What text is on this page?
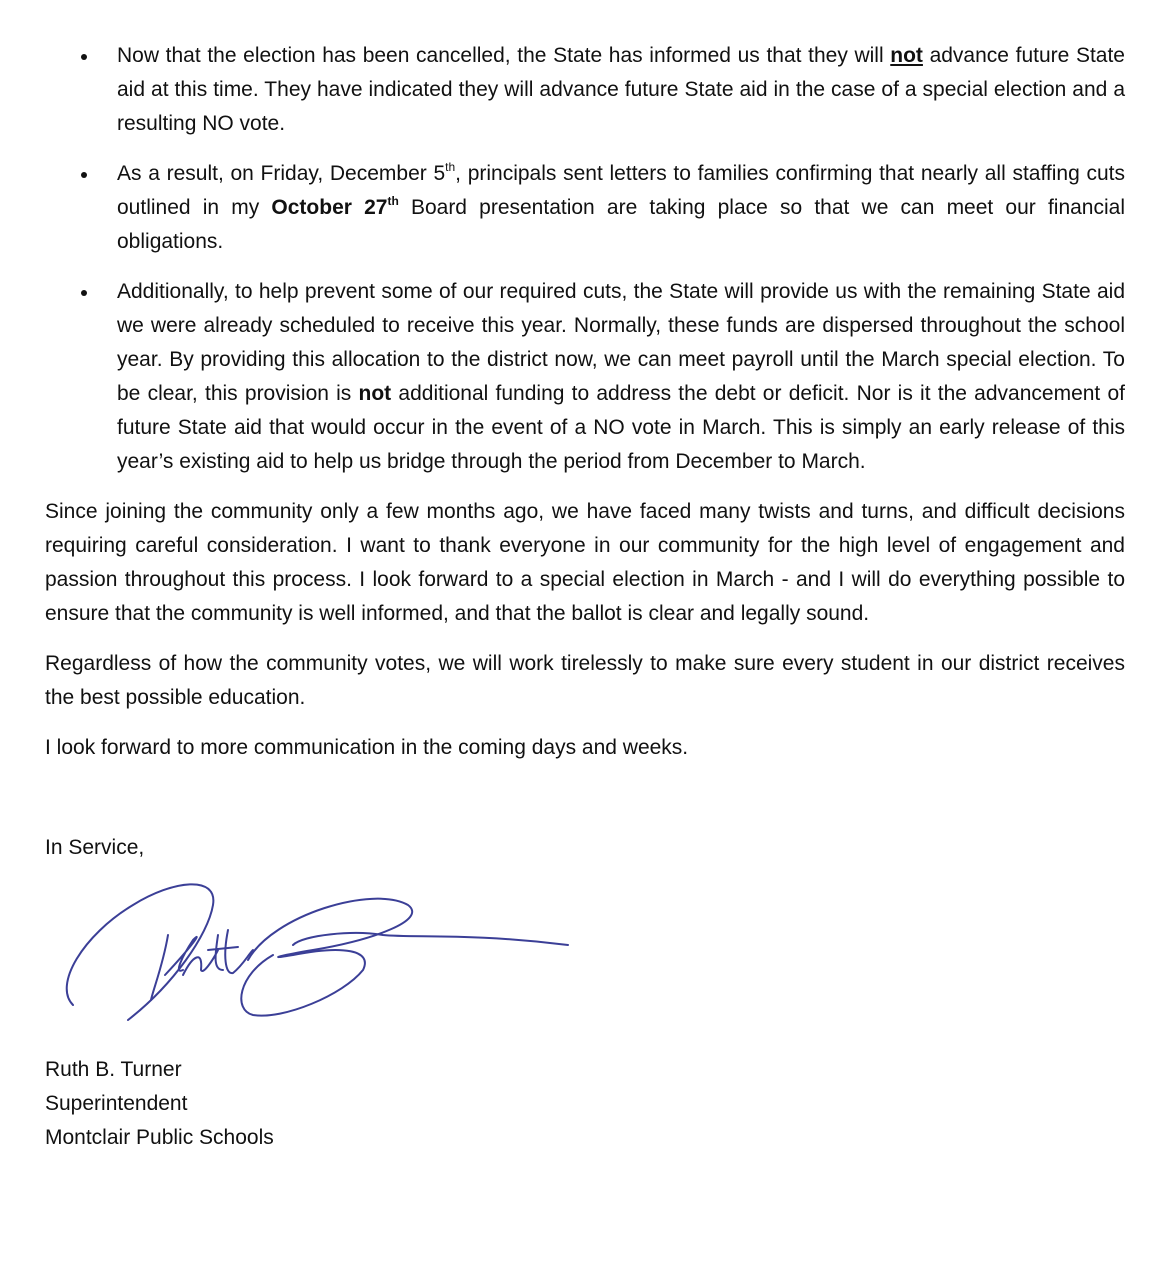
Now that the election has been cancelled, the State has informed us that they will not advance future State aid at this time. They have indicated they will advance future State aid in the case of a special election and a resulting NO vote.
As a result, on Friday, December 5th, principals sent letters to families confirming that nearly all staffing cuts outlined in my October 27th Board presentation are taking place so that we can meet our financial obligations.
Additionally, to help prevent some of our required cuts, the State will provide us with the remaining State aid we were already scheduled to receive this year. Normally, these funds are dispersed throughout the school year. By providing this allocation to the district now, we can meet payroll until the March special election. To be clear, this provision is not additional funding to address the debt or deficit. Nor is it the advancement of future State aid that would occur in the event of a NO vote in March. This is simply an early release of this year’s existing aid to help us bridge through the period from December to March.

Since joining the community only a few months ago, we have faced many twists and turns, and difficult decisions requiring careful consideration. I want to thank everyone in our community for the high level of engagement and passion throughout this process. I look forward to a special election in March - and I will do everything possible to ensure that the community is well informed, and that the ballot is clear and legally sound.

Regardless of how the community votes, we will work tirelessly to make sure every student in our district receives the best possible education.

I look forward to more communication in the coming days and weeks.

In Service,
Ruth B. Turner
Superintendent
Montclair Public Schools
